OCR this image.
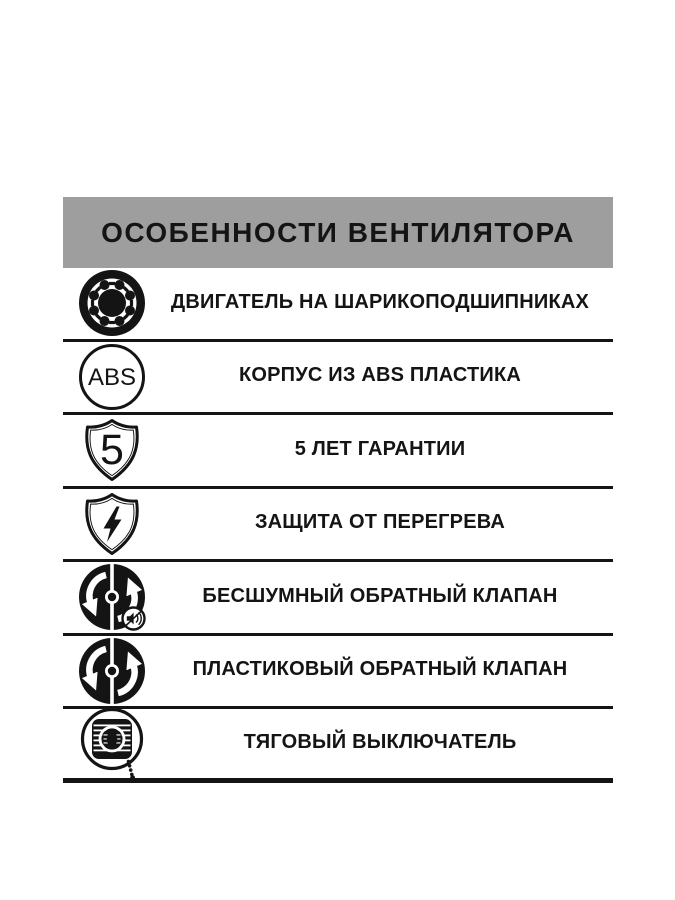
ОСОБЕННОСТИ ВЕНТИЛЯТОРА
ДВИГАТЕЛЬ НА ШАРИКОПОДШИПНИКАХ
ABS	КОРПУС ИЗ ABS ПЛАСТИКА
5	5 ЛЕТ ГАРАНТИИ
ЗАЩИТА ОТ ПЕРЕГРЕВА
БЕСШУМНЫЙ ОБРАТНЫЙ КЛАПАН
ПЛАСТИКОВЫЙ ОБРАТНЫЙ КЛАПАН
ТЯГОВЫЙ ВЫКЛЮЧАТЕЛЬ
